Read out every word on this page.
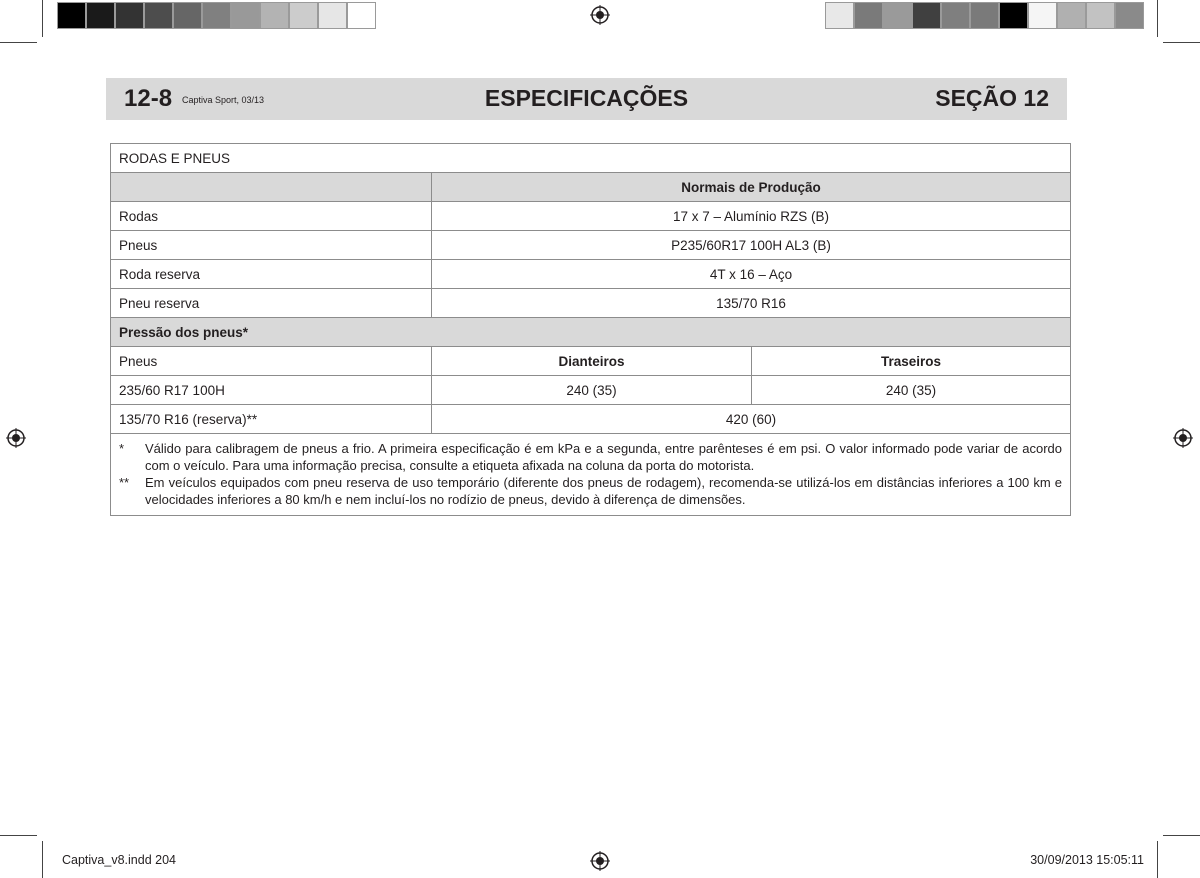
12-8 Captiva Sport, 03/13	ESPECIFICAÇÕES	SEÇÃO 12
RODAS E PNEUS		
	Normais de Produção	
Rodas	17 x 7 – Alumínio RZS (B)	
Pneus	P235/60R17 100H AL3 (B)	
Roda reserva	4T x 16 – Aço	
Pneu reserva	135/70 R16	
Pressão dos pneus*		
Pneus	Dianteiros	Traseiros
235/60 R17 100H	240 (35)	240 (35)
135/70 R16 (reserva)**	420 (60)	

* Válido para calibragem de pneus a frio. A primeira especificação é em kPa e a segunda, entre parênteses é em psi. O valor informado pode variar de acordo com o veículo. Para uma informação precisa, consulte a etiqueta afixada na coluna da porta do motorista.
** Em veículos equipados com pneu reserva de uso temporário (diferente dos pneus de rodagem), recomenda-se utilizá-los em distâncias inferiores a 100 km e velocidades inferiores a 80 km/h e nem incluí-los no rodízio de pneus, devido à diferença de dimensões.		
Captiva_v8.indd 204	30/09/2013 15:05:11
